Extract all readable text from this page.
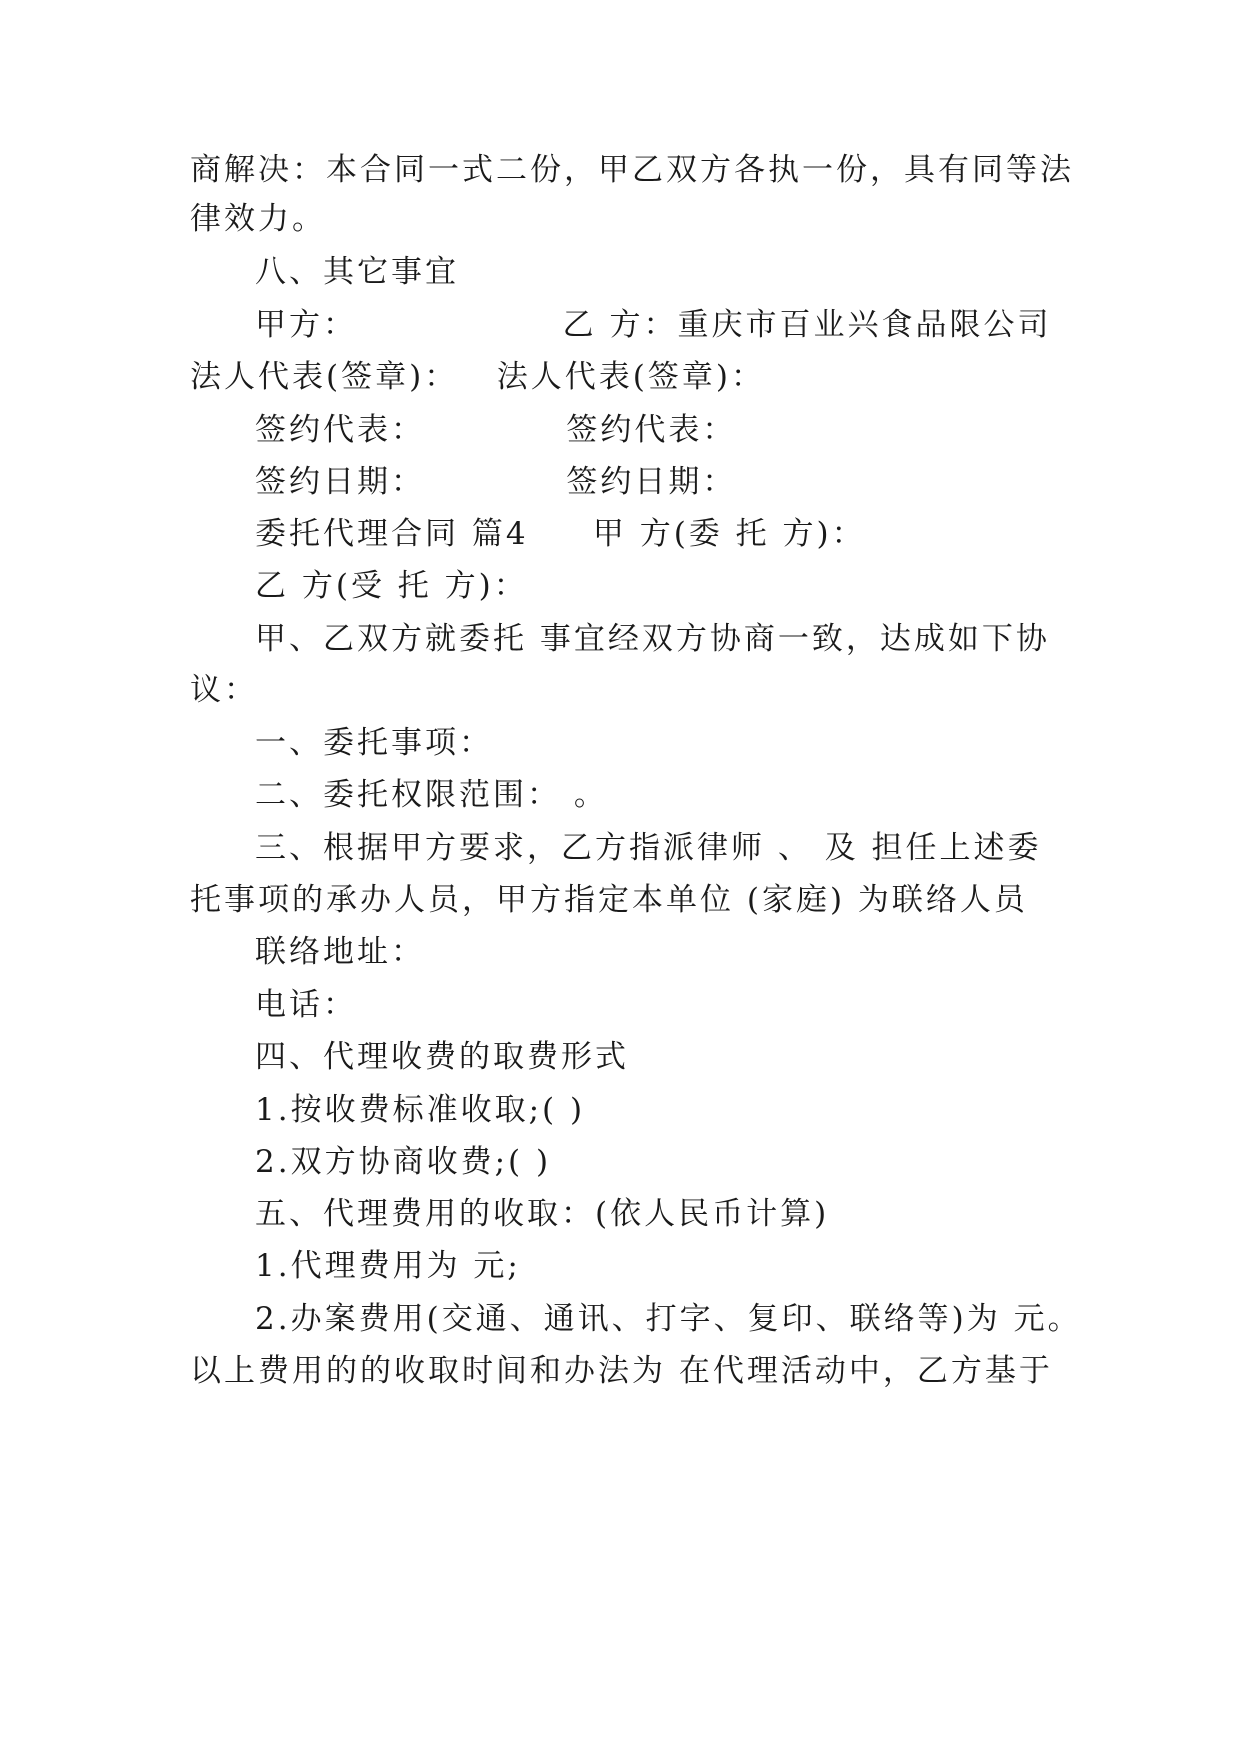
商解决：本合同一式二份，甲乙双方各执一份，具有同等法
律效力。
八、其它事宜
甲方：                乙 方：重庆市百业兴食品限公司
法人代表(签章)：   法人代表(签章)：
签约代表：           签约代表：
签约日期：           签约日期：
委托代理合同 篇4     甲 方(委 托 方)：
乙 方(受 托 方)：
甲、乙双方就委托 事宜经双方协商一致，达成如下协
议：
一、委托事项：
二、委托权限范围： 。
三、根据甲方要求，乙方指派律师 、 及 担任上述委
托事项的承办人员，甲方指定本单位 (家庭) 为联络人员
联络地址：
电话：
四、代理收费的取费形式
1.按收费标准收取;( )
2.双方协商收费;( )
五、代理费用的收取：(依人民币计算)
1.代理费用为 元;
2.办案费用(交通、通讯、打字、复印、联络等)为 元。
以上费用的的收取时间和办法为 在代理活动中，乙方基于
